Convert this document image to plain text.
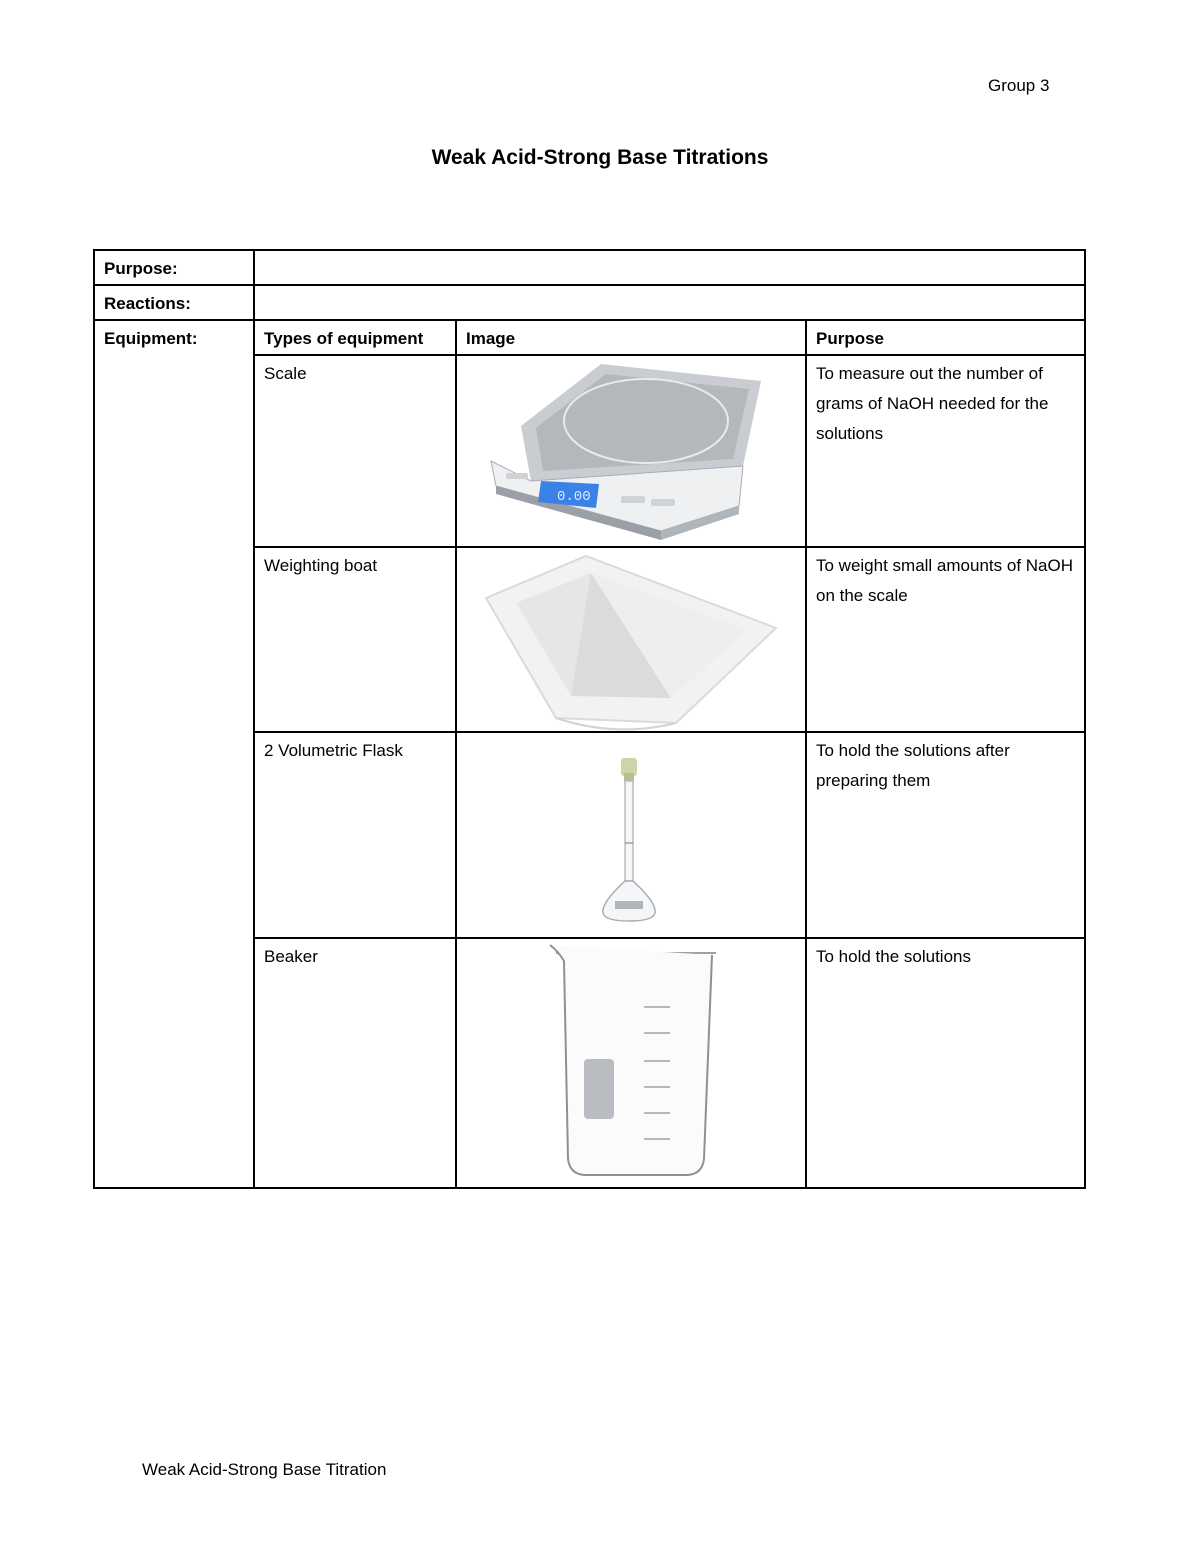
Group 3
Weak Acid-Strong Base Titrations
Purpose:			
Reactions:			
Equipment:	Types of equipment	Image	Purpose
	Scale	0.00	To measure out the number of grams of NaOH needed for the solutions
	Weighting boat		To weight small amounts of NaOH on the scale
	2 Volumetric Flask		To hold the solutions after preparing them
	Beaker		To hold the solutions
Weak Acid-Strong Base Titration
